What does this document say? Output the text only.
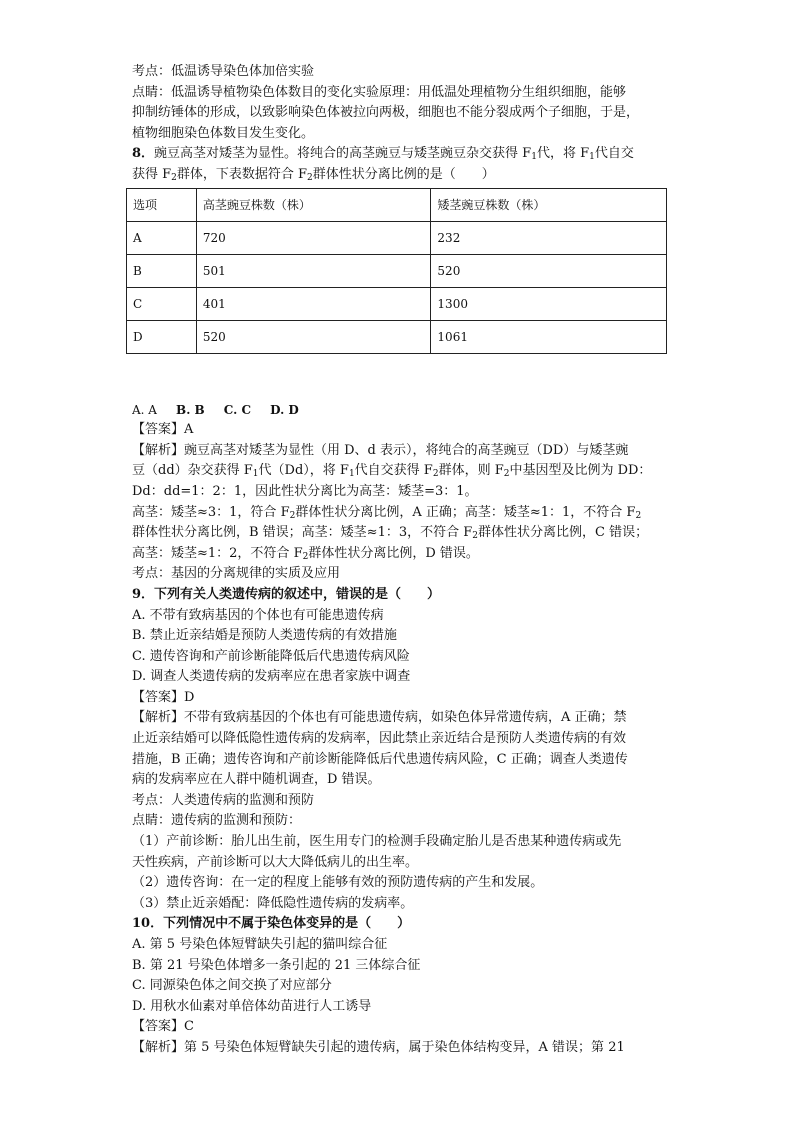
考点：低温诱导染色体加倍实验
点睛：低温诱导植物染色体数目的变化实验原理：用低温处理植物分生组织细胞，能够
抑制纺锤体的形成，以致影响染色体被拉向两极，细胞也不能分裂成两个子细胞，于是，
植物细胞染色体数目发生变化。
8．豌豆高茎对矮茎为显性。将纯合的高茎豌豆与矮茎豌豆杂交获得 $F_1$代，将 $F_1$代自交
获得 $F_2$群体，下表数据符合 $F_2$群体性状分离比例的是（　　）
选项	高茎豌豆株数（株）	矮茎豌豆株数（株）
A	720	232
B	501	520
C	401	1300
D	520	1061
A. A B. B C. C D. D
【答案】A
【解析】豌豆高茎对矮茎为显性（用 D、d 表示），将纯合的高茎豌豆（DD）与矮茎豌
豆（dd）杂交获得 $F_1$代（Dd），将 $F_1$代自交获得 $F_2$群体，则 $F_2$中基因型及比例为 DD：
Dd：dd=1：2：1，因此性状分离比为高茎：矮茎=3：1。
高茎：矮茎≈3：1，符合 $F_2$群体性状分离比例，A 正确；高茎：矮茎≈1：1，不符合 $F_2$
群体性状分离比例，B 错误；高茎：矮茎≈1：3，不符合 $F_2$群体性状分离比例，C 错误；
高茎：矮茎≈1：2，不符合 $F_2$群体性状分离比例，D 错误。
考点：基因的分离规律的实质及应用
9．下列有关人类遗传病的叙述中，错误的是（　　）
A. 不带有致病基因的个体也有可能患遗传病
B. 禁止近亲结婚是预防人类遗传病的有效措施
C. 遗传咨询和产前诊断能降低后代患遗传病风险
D. 调查人类遗传病的发病率应在患者家族中调查
【答案】D
【解析】不带有致病基因的个体也有可能患遗传病，如染色体异常遗传病，A 正确；禁
止近亲结婚可以降低隐性遗传病的发病率，因此禁止亲近结合是预防人类遗传病的有效
措施，B 正确；遗传咨询和产前诊断能降低后代患遗传病风险，C 正确；调查人类遗传
病的发病率应在人群中随机调查，D 错误。
考点：人类遗传病的监测和预防
点睛：遗传病的监测和预防：
（1）产前诊断：胎儿出生前，医生用专门的检测手段确定胎儿是否患某种遗传病或先
天性疾病，产前诊断可以大大降低病儿的出生率。
（2）遗传咨询：在一定的程度上能够有效的预防遗传病的产生和发展。
（3）禁止近亲婚配：降低隐性遗传病的发病率。
10．下列情况中不属于染色体变异的是（　　）
A. 第 5 号染色体短臂缺失引起的猫叫综合征
B. 第 21 号染色体增多一条引起的 21 三体综合征
C. 同源染色体之间交换了对应部分
D. 用秋水仙素对单倍体幼苗进行人工诱导
【答案】C
【解析】第 5 号染色体短臂缺失引起的遗传病，属于染色体结构变异，A 错误；第 21
